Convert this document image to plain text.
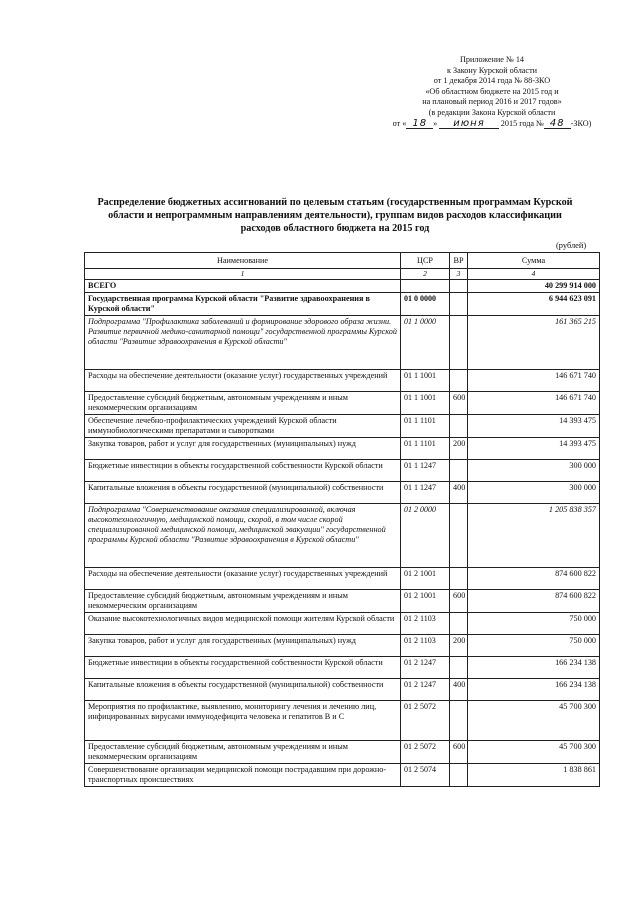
Приложение № 14
к Закону Курской области
от 1 декабря 2014 года № 88-ЗКО
«Об областном бюджете на 2015 год и
на плановый период 2016 и 2017 годов»
(в редакции Закона Курской области
от « 18 » июня 2015 года № 48 -ЗКО)
Распределение бюджетных ассигнований по целевым статьям (государственным программам Курской области и непрограммным направлениям деятельности), группам видов расходов классификации расходов областного бюджета на 2015 год
(рублей)
Наименование	ЦСР	ВР	Сумма
1	2	3	4
ВСЕГО			40 299 914 000
Государственная программа Курской области "Развитие здравоохранения в Курской области"	01 0 0000		6 944 623 091
Подпрограмма "Профилактика заболеваний и формирование здорового образа жизни. Развитие первичной медико-санитарной помощи" государственной программы Курской области "Развитие здравоохранения в Курской области"	01 1 0000		161 365 215
Расходы на обеспечение деятельности (оказание услуг) государственных учреждений	01 1 1001		146 671 740
Предоставление субсидий бюджетным, автономным учреждениям и иным некоммерческим организациям	01 1 1001	600	146 671 740
Обеспечение лечебно-профилактических учреждений Курской области иммунобиологическими препаратами и сыворотками	01 1 1101		14 393 475
Закупка товаров, работ и услуг для государственных (муниципальных) нужд	01 1 1101	200	14 393 475
Бюджетные инвестиции в объекты государственной собственности Курской области	01 1 1247		300 000
Капитальные вложения в объекты государственной (муниципальной) собственности	01 1 1247	400	300 000
Подпрограмма "Совершенствование оказания специализированной, включая высокотехнологичную, медицинской помощи, скорой, в том числе скорой специализированной медицинской помощи, медицинской эвакуации" государственной программы Курской области "Развитие здравоохранения в Курской области"	01 2 0000		1 205 838 357
Расходы на обеспечение деятельности (оказание услуг) государственных учреждений	01 2 1001		874 600 822
Предоставление субсидий бюджетным, автономным учреждениям и иным некоммерческим организациям	01 2 1001	600	874 600 822
Оказание высокотехнологичных видов медицинской помощи жителям Курской области	01 2 1103		750 000
Закупка товаров, работ и услуг для государственных (муниципальных) нужд	01 2 1103	200	750 000
Бюджетные инвестиции в объекты государственной собственности Курской области	01 2 1247		166 234 138
Капитальные вложения в объекты государственной (муниципальной) собственности	01 2 1247	400	166 234 138
Мероприятия по профилактике, выявлению, мониторингу лечения и лечению лиц, инфицированных вирусами иммунодефицита человека и гепатитов В и С	01 2 5072		45 700 300
Предоставление субсидий бюджетным, автономным учреждениям и иным некоммерческим организациям	01 2 5072	600	45 700 300
Совершенствование организации медицинской помощи пострадавшим при дорожно-транспортных происшествиях	01 2 5074		1 838 861
